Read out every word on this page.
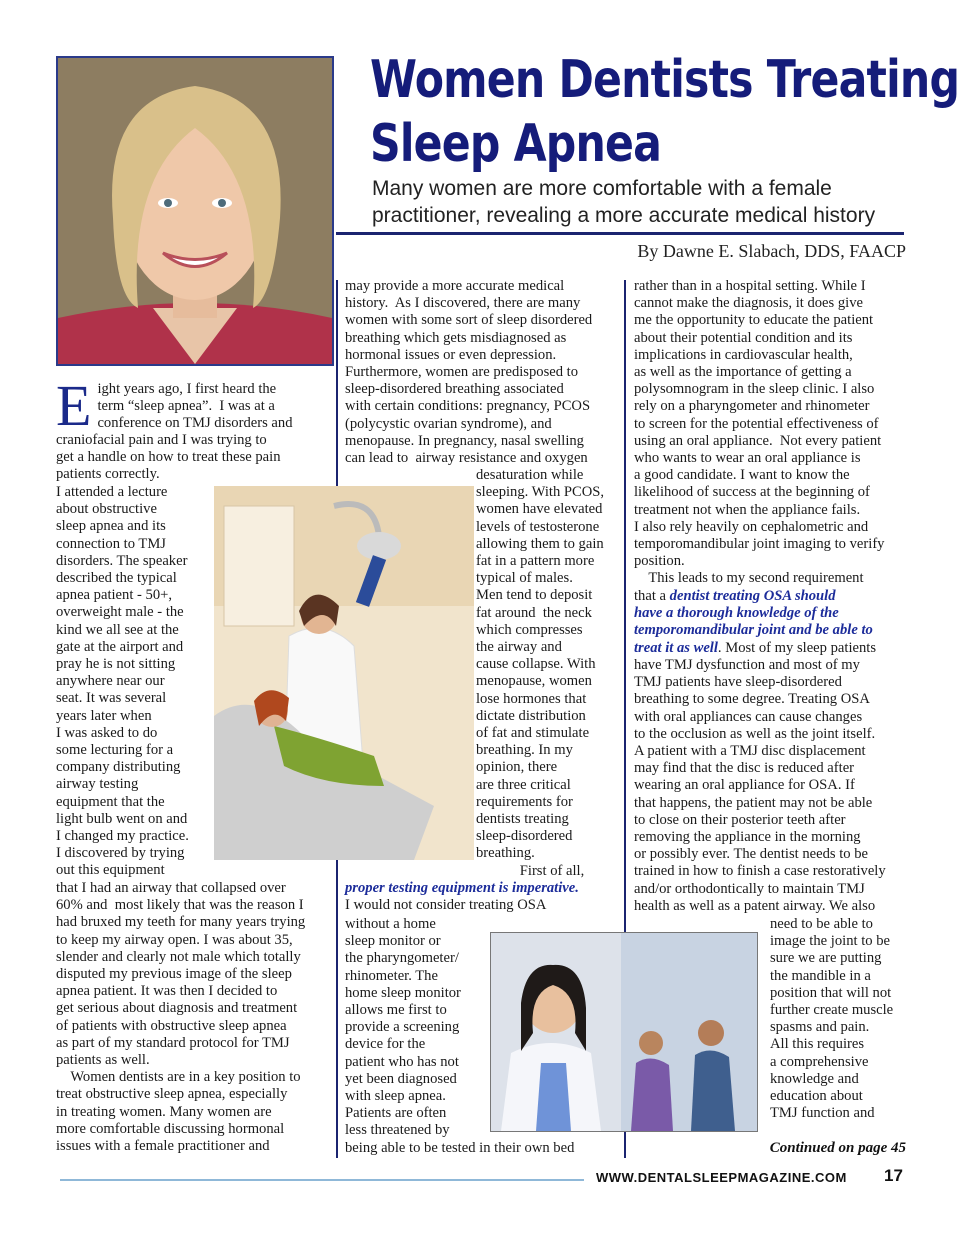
Women Dentists Treating
Sleep Apnea
Many women are more comfortable with a female
practitioner, revealing a more accurate medical history
By Dawne E. Slabach, DDS, FAACP
E ight years ago, I first heard the
term “sleep apnea”.  I was at a
conference on TMJ disorders and
craniofacial pain and I was trying to
get a handle on how to treat these pain
patients correctly.
I attended a lecture
about obstructive
sleep apnea and its
connection to TMJ
disorders. The speaker
described the typical
apnea patient - 50+,
overweight male - the
kind we all see at the
gate at the airport and
pray he is not sitting
anywhere near our
seat. It was several
years later when
I was asked to do
some lecturing for a
company distributing
airway testing
equipment that the
light bulb went on and
I changed my practice.
I discovered by trying
out this equipment
that I had an airway that collapsed over
60% and  most likely that was the reason I
had bruxed my teeth for many years trying
to keep my airway open. I was about 35,
slender and clearly not male which totally
disputed my previous image of the sleep
apnea patient. It was then I decided to
get serious about diagnosis and treatment
of patients with obstructive sleep apnea
as part of my standard protocol for TMJ
patients as well.
Women dentists are in a key position to
treat obstructive sleep apnea, especially
in treating women. Many women are
more comfortable discussing hormonal
issues with a female practitioner and
may provide a more accurate medical
history.  As I discovered, there are many
women with some sort of sleep disordered
breathing which gets misdiagnosed as
hormonal issues or even depression.
Furthermore, women are predisposed to
sleep-disordered breathing associated
with certain conditions: pregnancy, PCOS
(polycystic ovarian syndrome), and
menopause. In pregnancy, nasal swelling
can lead to  airway resistance and oxygen
desaturation while
sleeping. With PCOS,
women have elevated
levels of testosterone
allowing them to gain
fat in a pattern more
typical of males.
Men tend to deposit
fat around  the neck
which compresses
the airway and
cause collapse. With
menopause, women
lose hormones that
dictate distribution
of fat and stimulate
breathing. In my
opinion, there
are three critical
requirements for
dentists treating
sleep-disordered
breathing.
First of all,
proper testing equipment is imperative.
I would not consider treating OSA
without a home
sleep monitor or
the pharyngometer/
rhinometer. The
home sleep monitor
allows me first to
provide a screening
device for the
patient who has not
yet been diagnosed
with sleep apnea.
Patients are often
less threatened by
being able to be tested in their own bed
rather than in a hospital setting. While I
cannot make the diagnosis, it does give
me the opportunity to educate the patient
about their potential condition and its
implications in cardiovascular health,
as well as the importance of getting a
polysomnogram in the sleep clinic. I also
rely on a pharyngometer and rhinometer
to screen for the potential effectiveness of
using an oral appliance.  Not every patient
who wants to wear an oral appliance is
a good candidate. I want to know the
likelihood of success at the beginning of
treatment not when the appliance fails.
I also rely heavily on cephalometric and
temporomandibular joint imaging to verify
position.
This leads to my second requirement
that a dentist treating OSA should
have a thorough knowledge of the
temporomandibular joint and be able to
treat it as well. Most of my sleep patients
have TMJ dysfunction and most of my
TMJ patients have sleep-disordered
breathing to some degree. Treating OSA
with oral appliances can cause changes
to the occlusion as well as the joint itself.
A patient with a TMJ disc displacement
may find that the disc is reduced after
wearing an oral appliance for OSA. If
that happens, the patient may not be able
to close on their posterior teeth after
removing the appliance in the morning
or possibly ever. The dentist needs to be
trained in how to finish a case restoratively
and/or orthodontically to maintain TMJ
health as well as a patent airway. We also
need to be able to
image the joint to be
sure we are putting
the mandible in a
position that will not
further create muscle
spasms and pain.
All this requires
a comprehensive
knowledge and
education about
TMJ function and
Continued on page 45
WWW.DENTALSLEEPMAGAZINE.COM 17
